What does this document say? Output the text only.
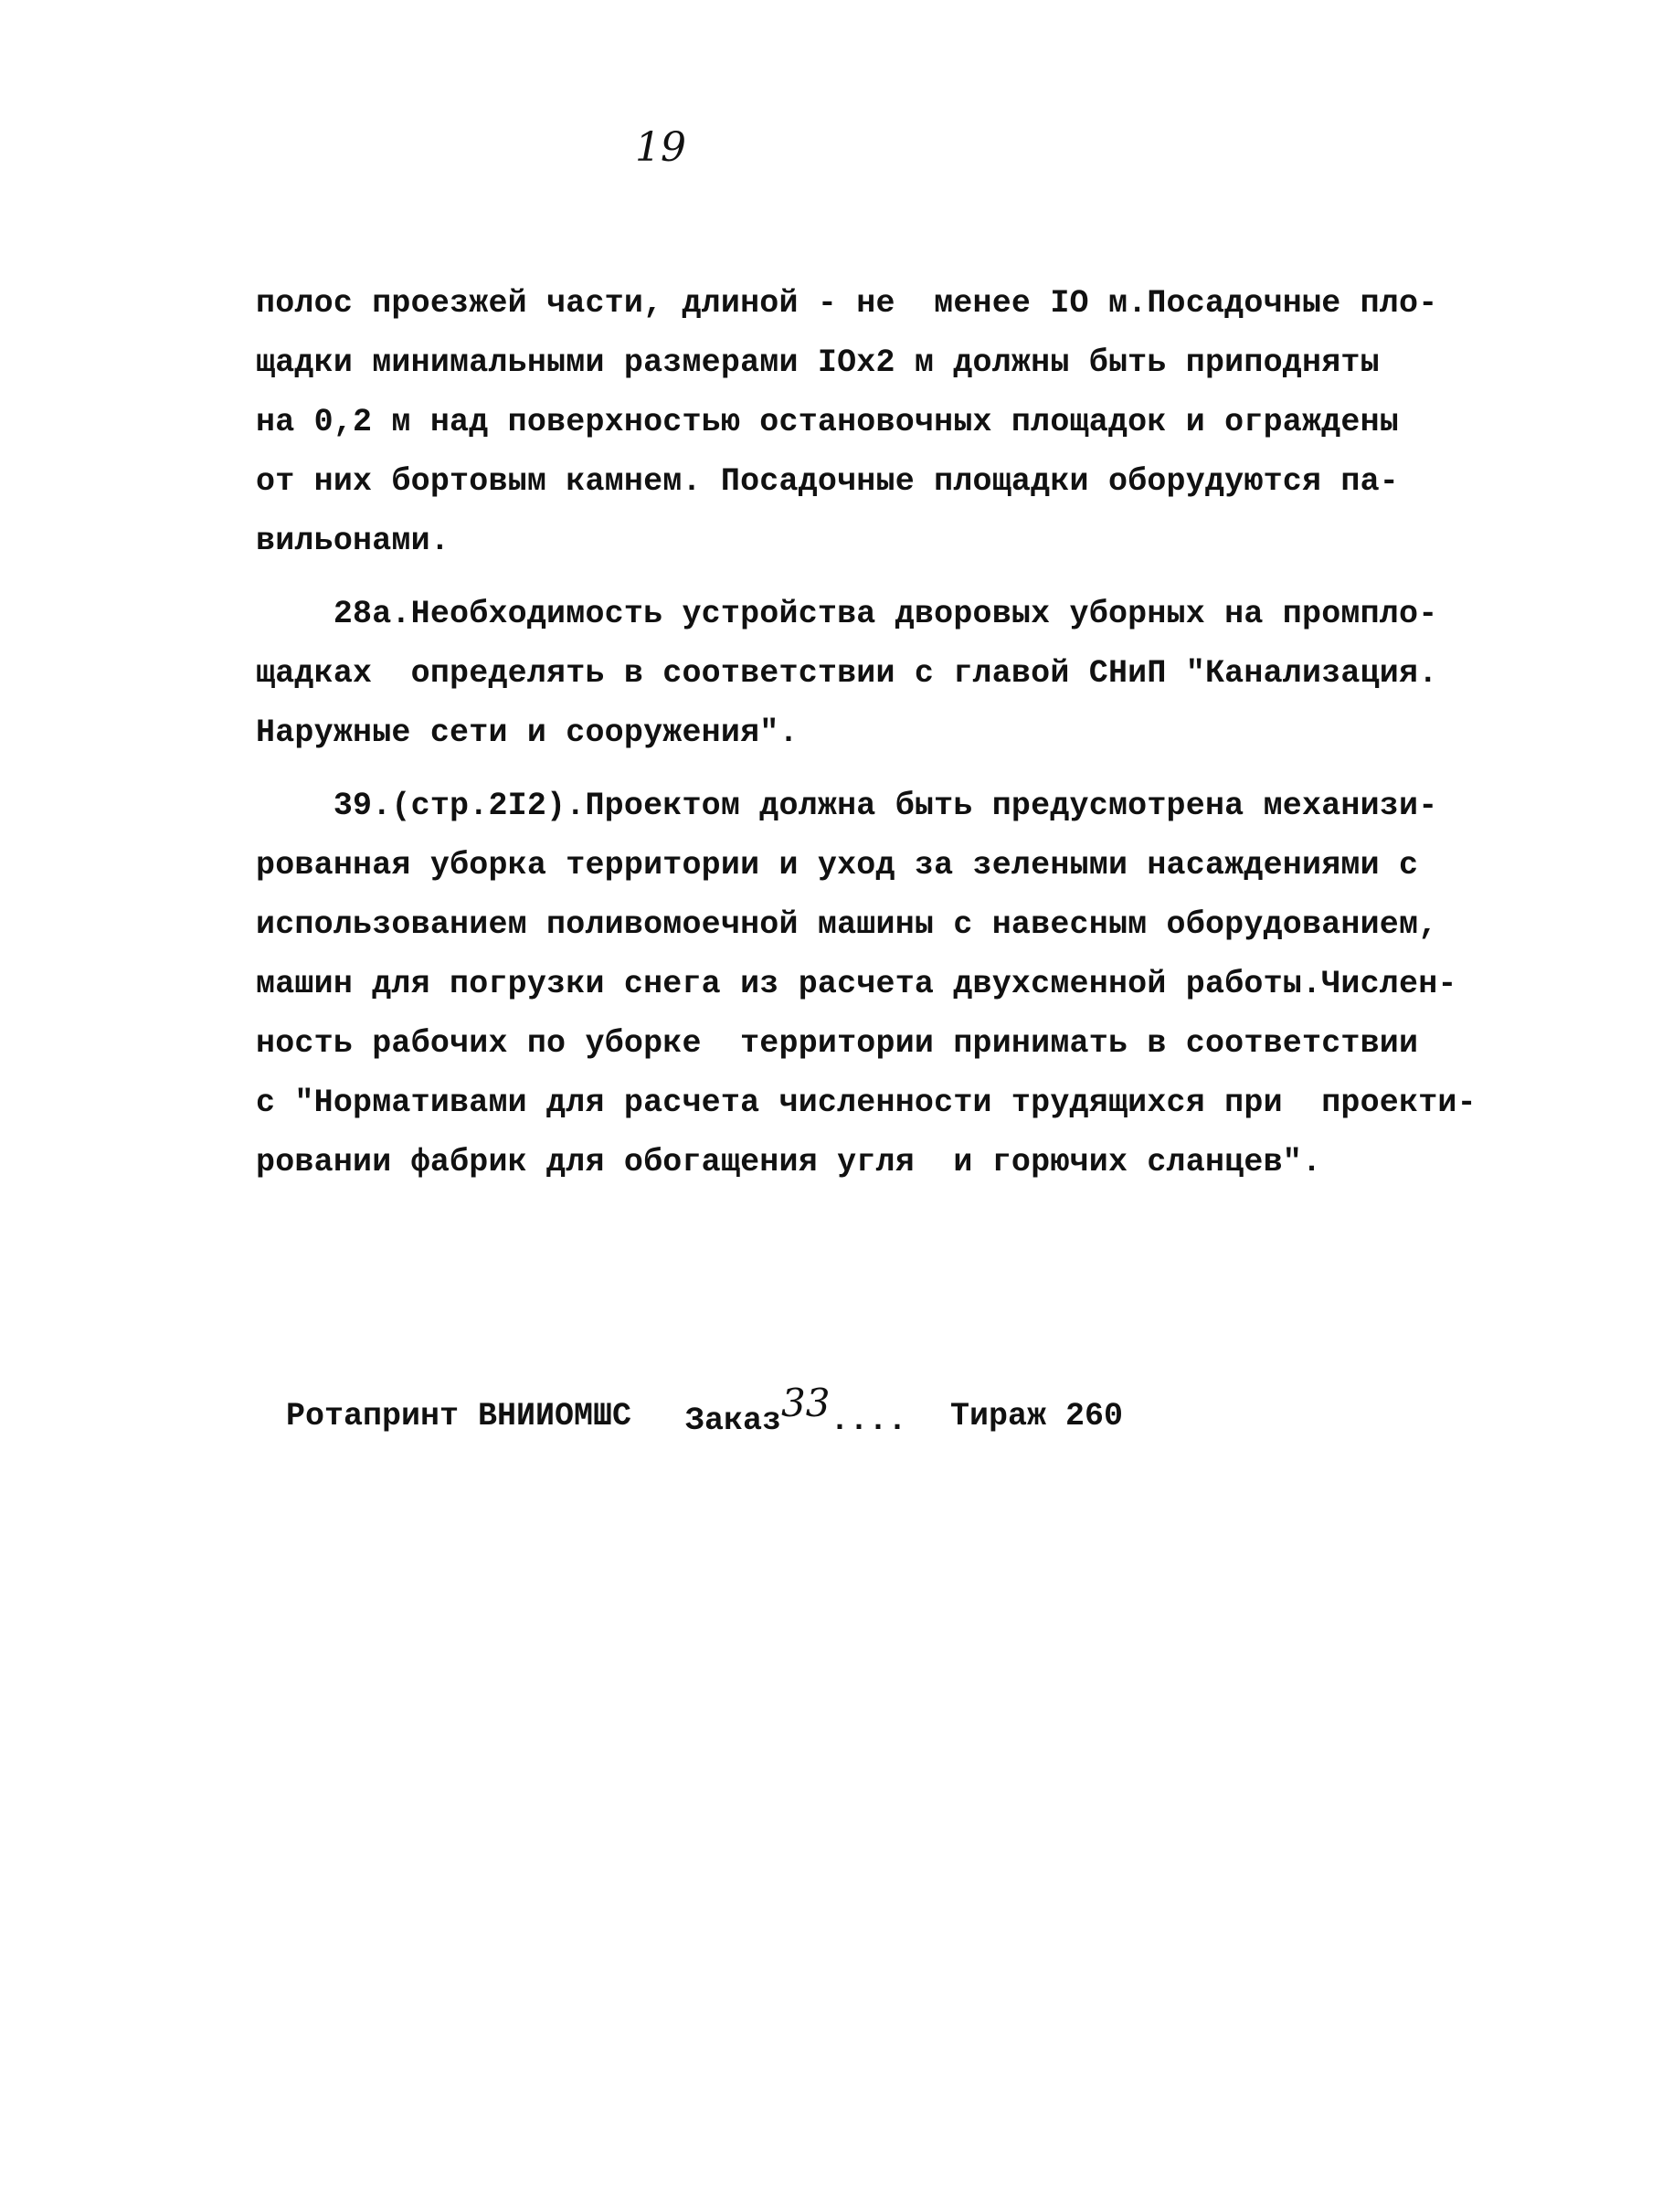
19
полос проезжей части, длиной - не  менее IO м.Посадочные пло-
щадки минимальными размерами IOх2 м должны быть приподняты
на 0,2 м над поверхностью остановочных площадок и ограждены
от них бортовым камнем. Посадочные площадки оборудуются па-
вильонами.
28а.Необходимость устройства дворовых уборных на промпло-
щадках  определять в соответствии с главой СНиП "Канализация.
Наружные сети и сооружения".
39.(стр.2I2).Проектом должна быть предусмотрена механизи-
рованная уборка территории и уход за зелеными насаждениями с
использованием поливомоечной машины с навесным оборудованием,
машин для погрузки снега из расчета двухсменной работы.Числен-
ность рабочих по уборке  территории принимать в соответствии
с "Нормативами для расчета численности трудящихся при  проекти-
ровании фабрик для обогащения угля  и горючих сланцев".
Ротапринт ВНИИОМШС Заказ33.... Тираж 260
